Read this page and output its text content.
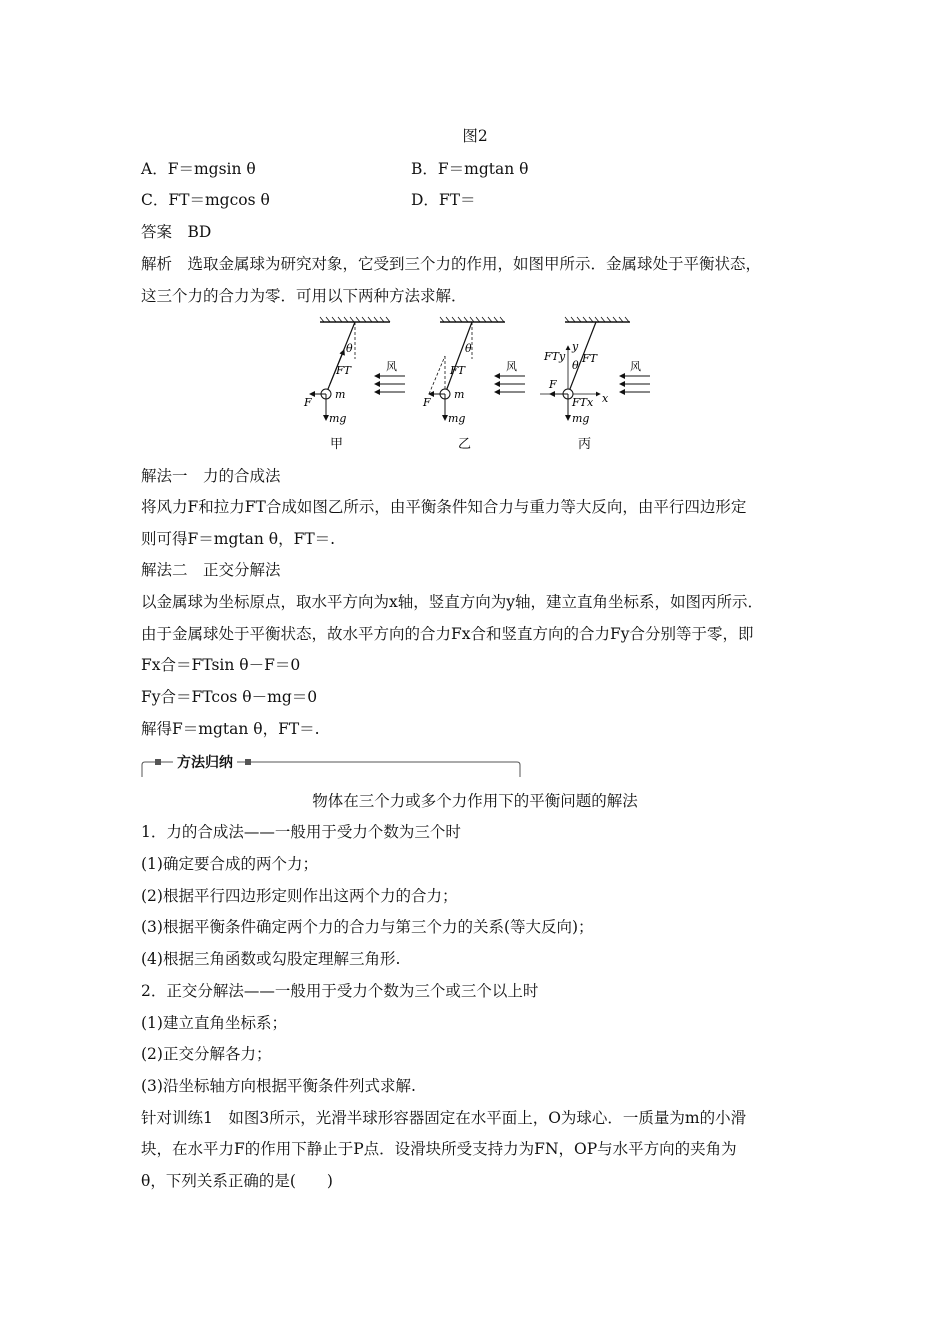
图2
A．F＝mgsin θ	B．F＝mgtan θ
C．FT＝mgcos θ	D．FT＝
答案　BD
解析　选取金属球为研究对象，它受到三个力的作用，如图甲所示．金属球处于平衡状态，
这三个力的合力为零．可用以下两种方法求解．
θ
FT
m
mg
F
风
甲
θ
FT
m
mg
F
风
乙
θ
FT
FTy
FTx
mg
F
x
y
风
丙
解法一　力的合成法
将风力F和拉力FT合成如图乙所示，由平衡条件知合力与重力等大反向，由平行四边形定
则可得F＝mgtan θ，FT＝.
解法二　正交分解法
以金属球为坐标原点，取水平方向为x轴，竖直方向为y轴，建立直角坐标系，如图丙所示．
由于金属球处于平衡状态，故水平方向的合力Fx合和竖直方向的合力Fy合分别等于零，即
Fx合＝FTsin θ－F＝0
Fy合＝FTcos θ－mg＝0
解得F＝mgtan θ，FT＝.
方法归纳
物体在三个力或多个力作用下的平衡问题的解法
1．力的合成法——一般用于受力个数为三个时
(1)确定要合成的两个力；
(2)根据平行四边形定则作出这两个力的合力；
(3)根据平衡条件确定两个力的合力与第三个力的关系(等大反向)；
(4)根据三角函数或勾股定理解三角形.
2．正交分解法——一般用于受力个数为三个或三个以上时
(1)建立直角坐标系；
(2)正交分解各力；
(3)沿坐标轴方向根据平衡条件列式求解.
针对训练1　如图3所示，光滑半球形容器固定在水平面上，O为球心．一质量为m的小滑
块，在水平力F的作用下静止于P点．设滑块所受支持力为FN，OP与水平方向的夹角为
θ，下列关系正确的是(　　)
